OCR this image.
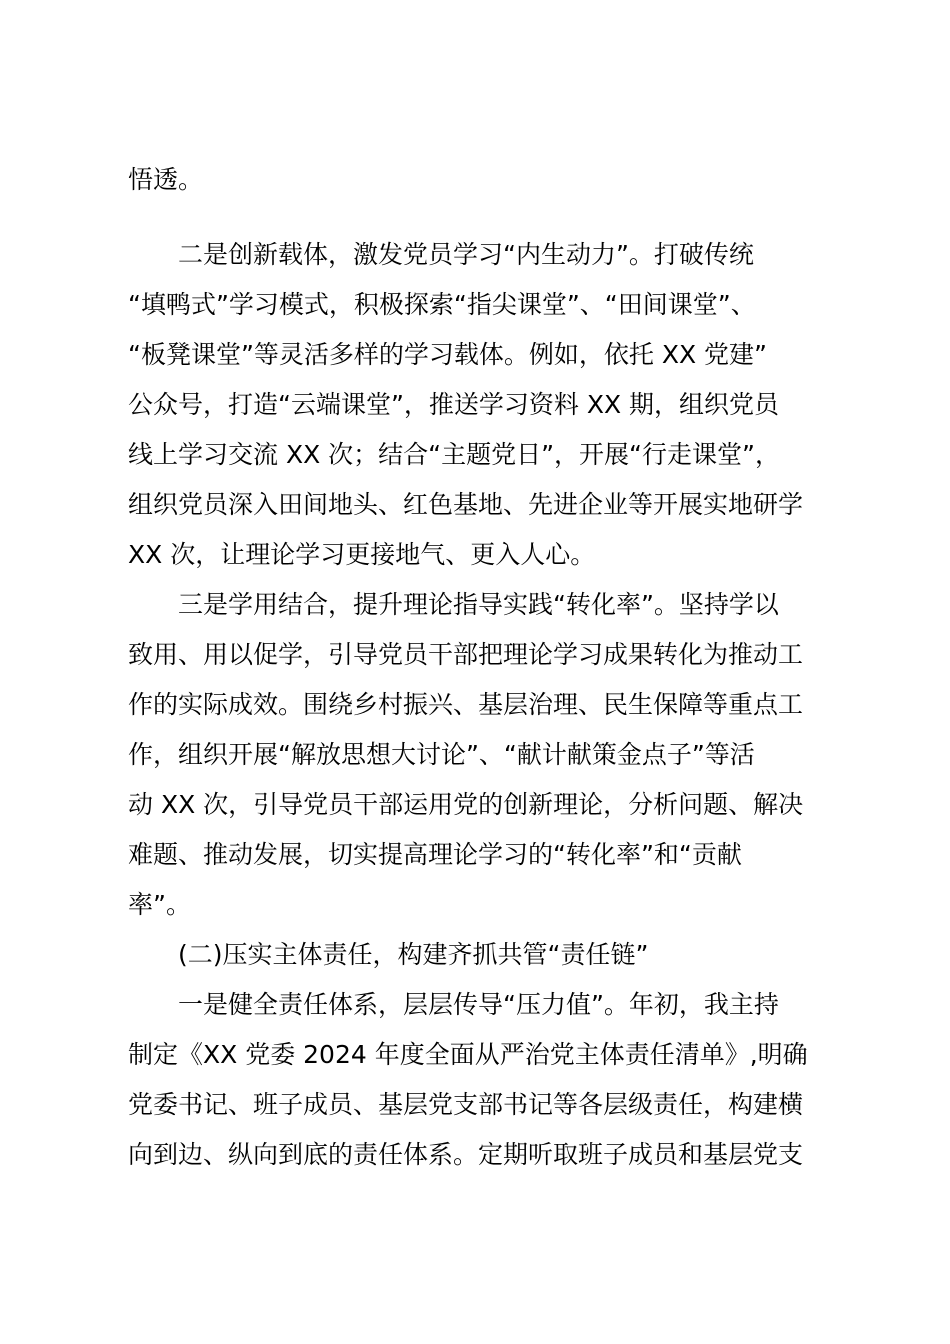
悟透。
二是创新载体，激发党员学习“内生动力”。打破传统
“填鸭式”学习模式，积极探索“指尖课堂”、“田间课堂”、
“板凳课堂”等灵活多样的学习载体。例如，依托 XX 党建”
公众号，打造“云端课堂”，推送学习资料 XX 期，组织党员
线上学习交流 XX 次；结合“主题党日”，开展“行走课堂”，
组织党员深入田间地头、红色基地、先进企业等开展实地研学
XX 次，让理论学习更接地气、更入人心。
三是学用结合，提升理论指导实践“转化率”。坚持学以
致用、用以促学，引导党员干部把理论学习成果转化为推动工
作的实际成效。围绕乡村振兴、基层治理、民生保障等重点工
作，组织开展“解放思想大讨论”、“献计献策金点子”等活
动 XX 次，引导党员干部运用党的创新理论，分析问题、解决
难题、推动发展，切实提高理论学习的“转化率”和“贡献
率”。
(二)压实主体责任，构建齐抓共管“责任链”
一是健全责任体系，层层传导“压力值”。年初，我主持
制定《XX 党委 2024 年度全面从严治党主体责任清单》,明确
党委书记、班子成员、基层党支部书记等各层级责任，构建横
向到边、纵向到底的责任体系。定期听取班子成员和基层党支
